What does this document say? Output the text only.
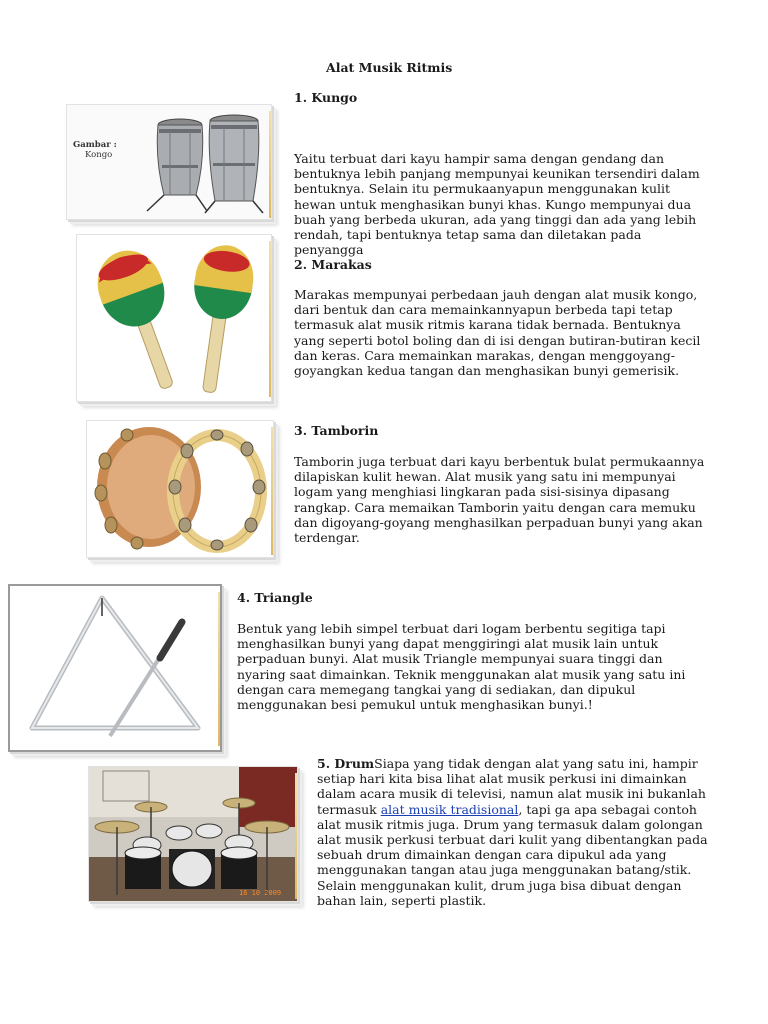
Alat Musik Ritmis
Gambar :
Kongo
1. Kungo

Yaitu terbuat dari kayu hampir sama dengan gendang dan bentuknya lebih panjang mempunyai keunikan tersendiri dalam bentuknya. Selain itu permukaanyapun menggunakan kulit hewan untuk menghasikan bunyi khas. Kungo mempunyai dua buah yang berbeda ukuran, ada yang tinggi dan ada yang lebih rendah, tapi bentuknya tetap sama dan diletakan pada penyangga

2. Marakas

Marakas mempunyai perbedaan jauh dengan alat musik kongo, dari bentuk dan cara memainkannyapun berbeda tapi tetap termasuk alat musik ritmis karana tidak bernada. Bentuknya yang seperti botol boling dan di isi dengan butiran-butiran kecil dan keras. Cara memainkan marakas, dengan menggoyang-goyangkan kedua tangan dan menghasikan bunyi gemerisik.

3. Tamborin

Tamborin juga terbuat dari kayu berbentuk bulat permukaannya dilapiskan kulit hewan. Alat musik yang satu ini mempunyai logam yang menghiasi lingkaran pada sisi-sisinya dipasang rangkap. Cara memaikan Tamborin yaitu dengan cara memuku dan digoyang-goyang menghasilkan perpaduan bunyi yang akan terdengar.

4. Triangle

Bentuk yang lebih simpel terbuat dari logam berbentu segitiga tapi menghasilkan bunyi yang dapat menggiringi alat musik lain untuk perpaduan bunyi. Alat musik Triangle mempunyai suara tinggi dan nyaring saat dimainkan. Teknik menggunakan alat musik yang satu ini dengan cara memegang tangkai yang di sediakan, dan dipukul menggunakan besi pemukul untuk menghasikan bunyi.!

16 10 2009

5. DrumSiapa yang tidak dengan alat yang satu ini, hampir setiap hari kita bisa lihat alat musik perkusi ini dimainkan dalam acara musik di televisi, namun alat musik ini bukanlah termasuk alat musik tradisional, tapi ga apa sebagai contoh alat musik ritmis juga. Drum yang termasuk dalam golongan alat musik perkusi terbuat dari kulit yang dibentangkan pada sebuah drum dimainkan dengan cara dipukul ada yang menggunakan tangan atau juga menggunakan batang/stik. Selain menggunakan kulit, drum juga bisa dibuat dengan bahan lain, seperti plastik.
